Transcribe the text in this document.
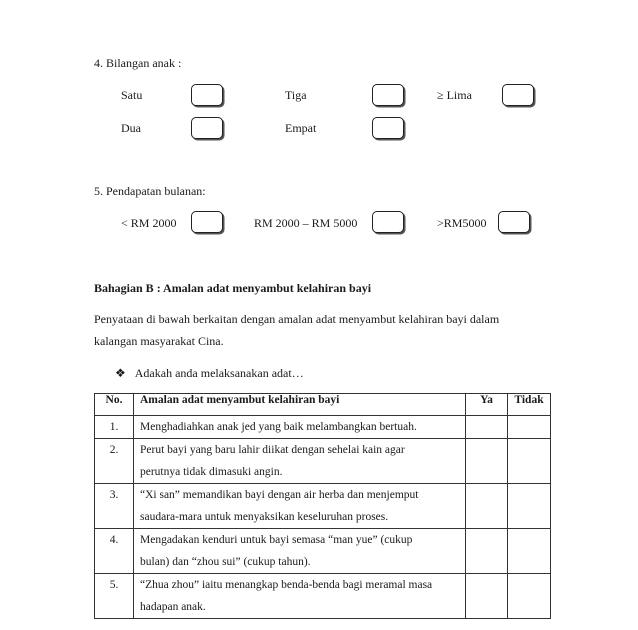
4. Bilangan anak :
Satu	Tiga	≥ Lima
Dua	Empat
5. Pendapatan bulanan:
< RM 2000	RM 2000 – RM 5000	>RM5000
Bahagian B : Amalan adat menyambut kelahiran bayi
Penyataan di bawah berkaitan dengan amalan adat menyambut kelahiran bayi dalam
kalangan masyarakat Cina.
❖ Adakah anda melaksanakan adat…
No.	Amalan adat menyambut kelahiran bayi	Ya	Tidak
1.	Menghadiahkan anak jed yang baik melambangkan bertuah.		

2.	Perut bayi yang baru lahir diikat dengan sehelai kain agar
perutnya tidak dimasuki angin.		

3.	“Xi san” memandikan bayi dengan air herba dan menjemput
saudara-mara untuk menyaksikan keseluruhan proses.		

4.	Mengadakan kenduri untuk bayi semasa “man yue” (cukup
bulan) dan “zhou sui” (cukup tahun).		

5.	“Zhua zhou” iaitu menangkap benda-benda bagi meramal masa
hadapan anak.		
